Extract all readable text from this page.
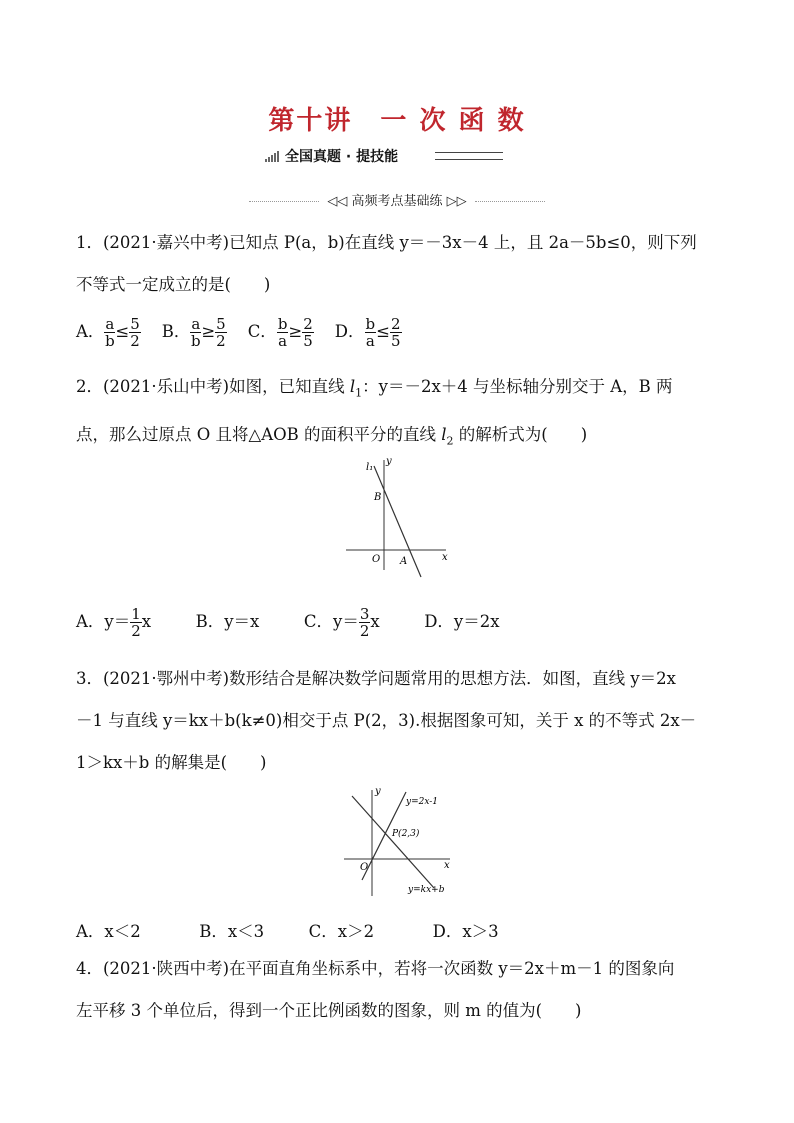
第十讲　一 次 函 数
全国真题 · 提技能
◁◁ 高频考点基础练 ▷▷
1．(2021·嘉兴中考)已知点 P(a，b)在直线 y＝－3x－4 上，且 2a－5b≤0，则下列
不等式一定成立的是(　　)
A． $\frac{a}{b} \le \frac{5}{2}$ B． $\frac{a}{b} \ge \frac{5}{2}$ C． $\frac{b}{a} \ge \frac{2}{5}$ D． $\frac{b}{a} \le \frac{2}{5}$
2．(2021·乐山中考)如图，已知直线 $l_1$：y＝－2x＋4 与坐标轴分别交于 A，B 两
点，那么过原点 O 且将△AOB 的面积平分的直线 $l_2$ 的解析式为(　　)
l₁
y
x
B
O A
A．$y= \frac{1}{2}$ x	B．y＝x	C．$y= \frac{3}{2}$ x	D．y＝2x
3．(2021·鄂州中考)数形结合是解决数学问题常用的思想方法．如图，直线 y＝2x
－1 与直线 y＝kx＋b(k≠0)相交于点 P(2，3).根据图象可知，关于 x 的不等式 2x－
1＞kx＋b 的解集是(　　)
y
x
O
y=2x-1
P(2,3)
y=kx+b
A．x＜2	B．x＜3	C．x＞2	D．x＞3
4．(2021·陕西中考)在平面直角坐标系中，若将一次函数 y＝2x＋m－1 的图象向
左平移 3 个单位后，得到一个正比例函数的图象，则 m 的值为(　　)
